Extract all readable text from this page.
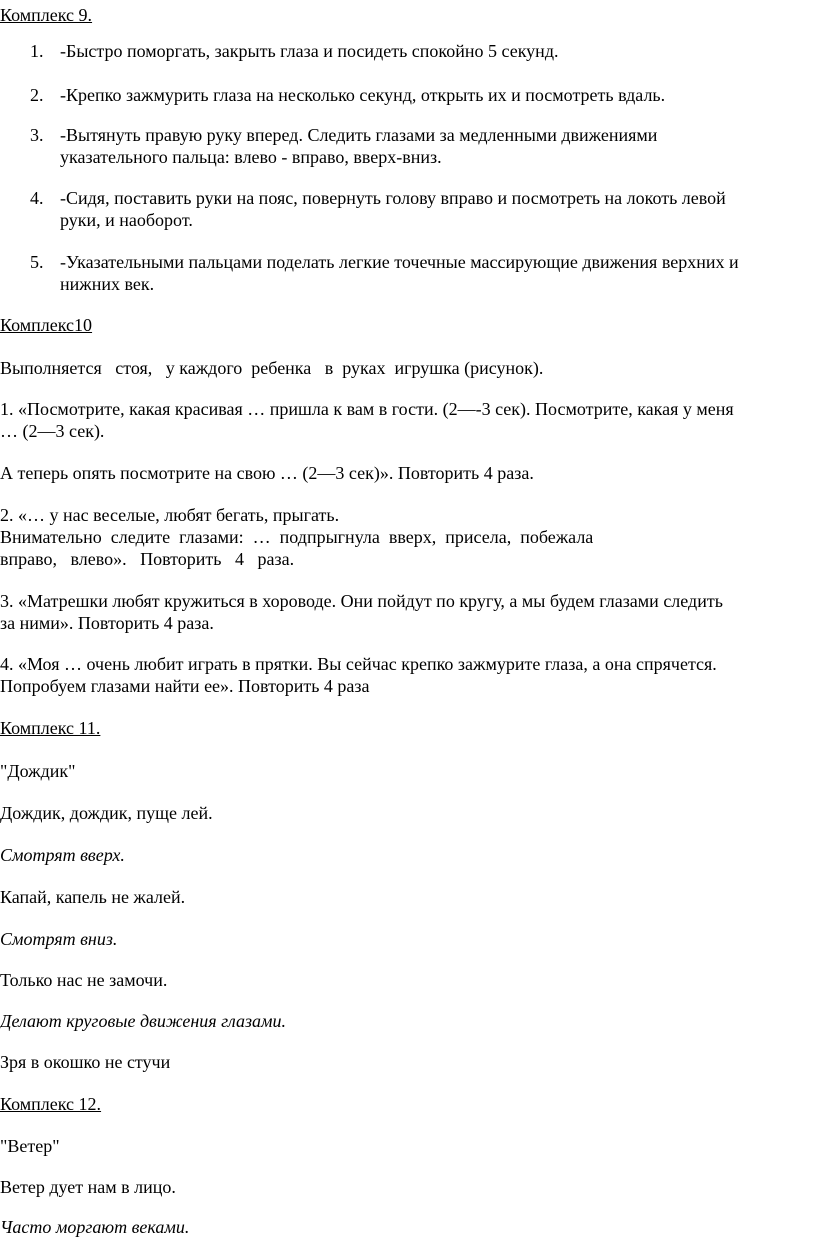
Комплекс 9.
1. -Быстро поморгать, закрыть глаза и посидеть спокойно 5 секунд.
2. -Крепко зажмурить глаза на несколько секунд, открыть их и посмотреть вдаль.
3. -Вытянуть правую руку вперед. Следить глазами за медленными движениями
указательного пальца: влево - вправо, вверх-вниз.
4. -Сидя, поставить руки на пояс, повернуть голову вправо и посмотреть на локоть левой
руки, и наоборот.
5. -Указательными пальцами поделать легкие точечные массирующие движения верхних и
нижних век.
Комплекс10
Выполняется   стоя,   у каждого  ребенка   в  руках  игрушка (рисунок).
1. «Посмотрите, какая красивая … пришла к вам в гости. (2—-3 сек). Посмотрите, какая у меня
… (2—3 сек).
А теперь опять посмотрите на свою … (2—3 сек)». Повторить 4 раза.
2. «… у нас веселые, любят бегать, прыгать.
Внимательно  следите  глазами:  …  подпрыгнула  вверх,  присела,  побежала
вправо,   влево».   Повторить   4   раза.
3. «Матрешки любят кружиться в хороводе. Они пойдут по кругу, а мы будем глазами следить
за ними». Повторить 4 раза.
4. «Моя … очень любит играть в прятки. Вы сейчас крепко зажмурите глаза, а она спрячется.
Попробуем глазами найти ее». Повторить 4 раза
Комплекс 11.
"Дождик"
Дождик, дождик, пуще лей.
Смотрят вверх.
Капай, капель не жалей.
Смотрят вниз.
Только нас не замочи.
Делают круговые движения глазами.
Зря в окошко не стучи
Комплекс 12.
"Ветер"
Ветер дует нам в лицо.
Часто моргают веками.
